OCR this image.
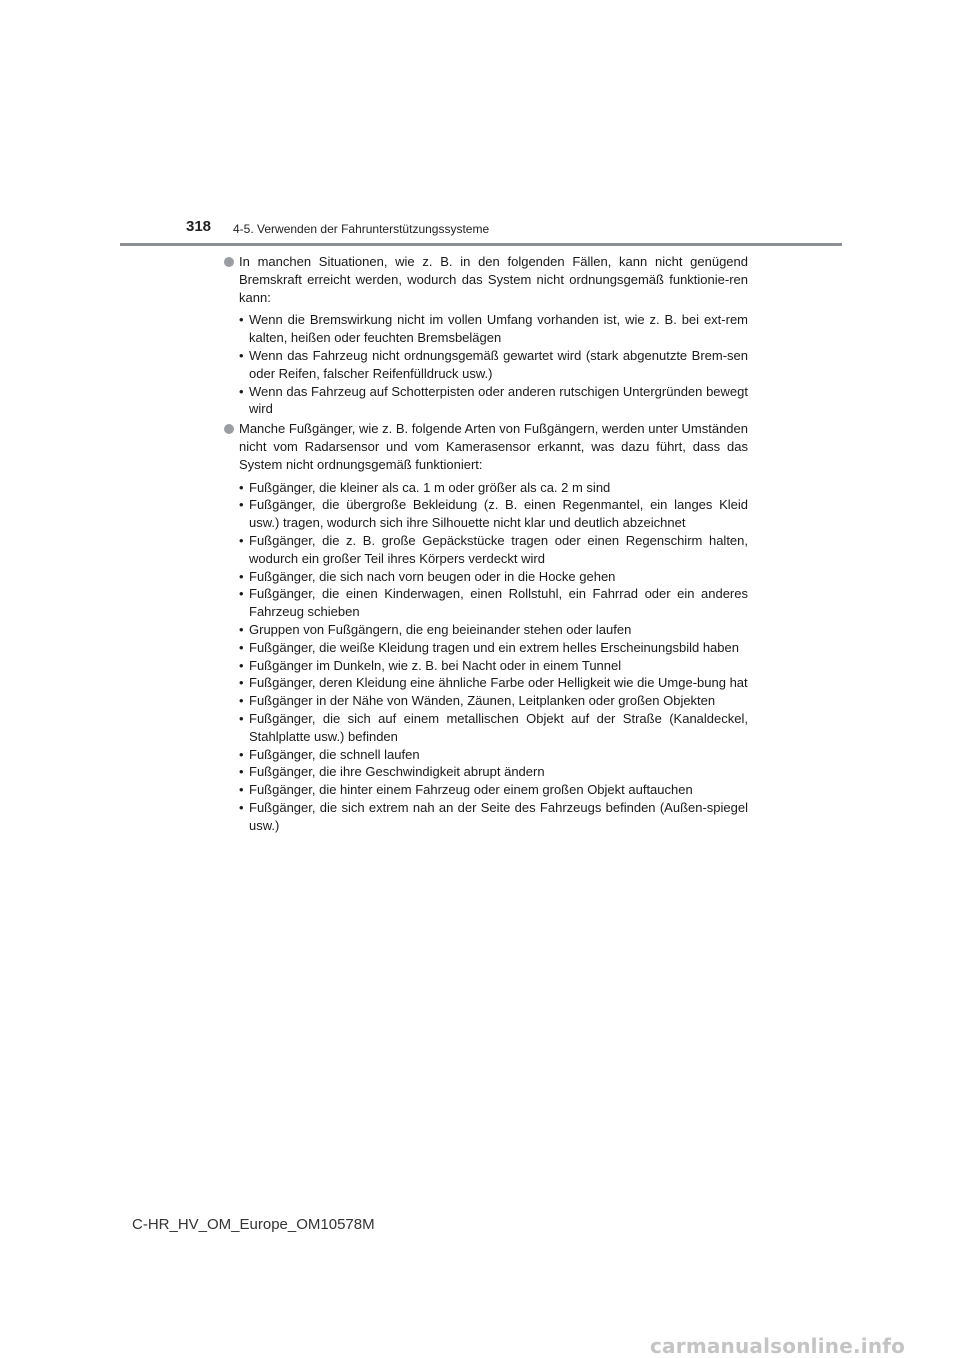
318 4-5. Verwenden der Fahrunterstützungssysteme

In manchen Situationen, wie z. B. in den folgenden Fällen, kann nicht genügend Bremskraft erreicht werden, wodurch das System nicht ordnungsgemäß funktionie-ren kann:

• Wenn die Bremswirkung nicht im vollen Umfang vorhanden ist, wie z. B. bei ext-rem kalten, heißen oder feuchten Bremsbelägen
• Wenn das Fahrzeug nicht ordnungsgemäß gewartet wird (stark abgenutzte Brem-sen oder Reifen, falscher Reifenfülldruck usw.)
• Wenn das Fahrzeug auf Schotterpisten oder anderen rutschigen Untergründen bewegt wird

Manche Fußgänger, wie z. B. folgende Arten von Fußgängern, werden unter Umständen nicht vom Radarsensor und vom Kamerasensor erkannt, was dazu führt, dass das System nicht ordnungsgemäß funktioniert:

• Fußgänger, die kleiner als ca. 1 m oder größer als ca. 2 m sind
• Fußgänger, die übergroße Bekleidung (z. B. einen Regenmantel, ein langes Kleid usw.) tragen, wodurch sich ihre Silhouette nicht klar und deutlich abzeichnet
• Fußgänger, die z. B. große Gepäckstücke tragen oder einen Regenschirm halten, wodurch ein großer Teil ihres Körpers verdeckt wird
• Fußgänger, die sich nach vorn beugen oder in die Hocke gehen
• Fußgänger, die einen Kinderwagen, einen Rollstuhl, ein Fahrrad oder ein anderes Fahrzeug schieben
• Gruppen von Fußgängern, die eng beieinander stehen oder laufen
• Fußgänger, die weiße Kleidung tragen und ein extrem helles Erscheinungsbild haben
• Fußgänger im Dunkeln, wie z. B. bei Nacht oder in einem Tunnel
• Fußgänger, deren Kleidung eine ähnliche Farbe oder Helligkeit wie die Umge-bung hat
• Fußgänger in der Nähe von Wänden, Zäunen, Leitplanken oder großen Objekten
• Fußgänger, die sich auf einem metallischen Objekt auf der Straße (Kanaldeckel, Stahlplatte usw.) befinden
• Fußgänger, die schnell laufen
• Fußgänger, die ihre Geschwindigkeit abrupt ändern
• Fußgänger, die hinter einem Fahrzeug oder einem großen Objekt auftauchen
• Fußgänger, die sich extrem nah an der Seite des Fahrzeugs befinden (Außen-spiegel usw.)
C-HR_HV_OM_Europe_OM10578M
carmanualsonline.info
